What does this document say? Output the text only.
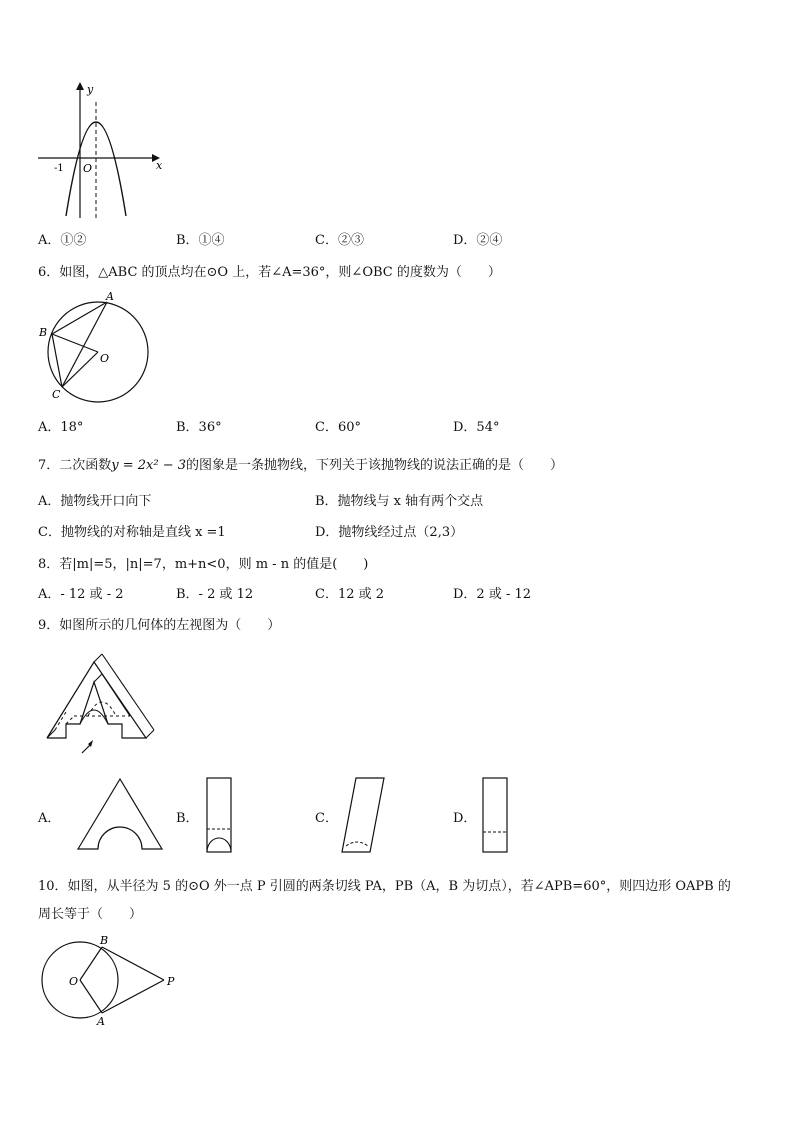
y
x
O
-1
A．①②	B．①④	C．②③	D．②④
6．如图，△ABC 的顶点均在⊙O 上，若∠A=36°，则∠OBC 的度数为（　　）
A
B
C
O
A．18°	B．36°	C．60°	D．54°
7．二次函数y = 2x² − 3的图象是一条抛物线，下列关于该抛物线的说法正确的是（　　）
A．抛物线开口向下	B．抛物线与 x 轴有两个交点
C．抛物线的对称轴是直线 x =1	D．抛物线经过点（2,3）
8．若|m|=5，|n|=7，m+n<0，则 m - n 的值是(　　)
A．- 12 或 - 2	B．- 2 或 12	C．12 或 2	D．2 或 - 12
9．如图所示的几何体的左视图为（　　）
A．	B．	C．	D．
10．如图，从半径为 5 的⊙O 外一点 P 引圆的两条切线 PA，PB（A，B 为切点），若∠APB=60°，则四边形 OAPB 的
周长等于（　　）
B
O	P
A
